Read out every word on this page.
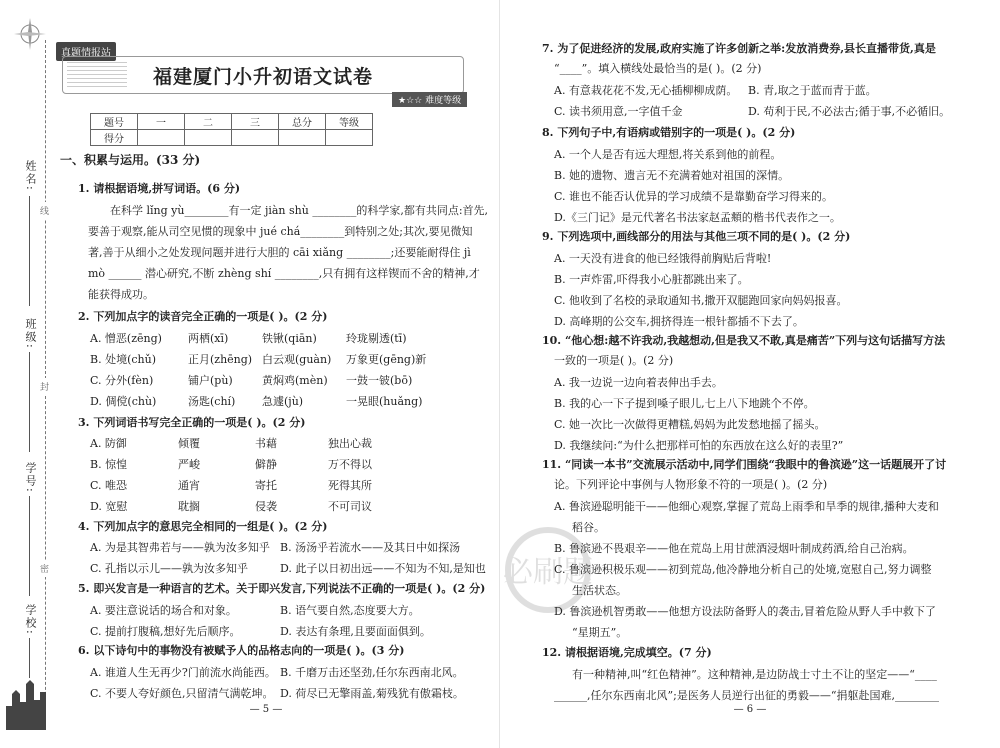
线
封
密
姓名:
班级:
学号:
学校:
真题情报站
福建厦门小升初语文试卷
★☆☆ 难度等级
题号	一	二	三	总分	等级
得分					
一、积累与运用。(33 分)
1. 请根据语境,拼写词语。(6 分)
在科学 lǐng yù________有一定 jiàn shù ________的科学家,都有共同点:首先,
要善于观察,能从司空见惯的现象中 jué chá________到特别之处;其次,要见微知
著,善于从细小之处发现问题并进行大胆的 cāi xiǎng ________;还要能耐得住 jì
mò ______ 潜心研究,不断 zhèng shí ________,只有拥有这样锲而不舍的精神,才
能获得成功。
2. 下列加点字的读音完全正确的一项是( )。(2 分)
A. 憎恶(zēng) 两栖(xī)	铁锹(qiān)	玲珑剔透(tī)
B. 处境(chǔ)	正月(zhēng) 白云观(guàn) 万象更(gēng)新
C. 分外(fèn)	铺户(pù)	黄焖鸡(mèn) 一鼓一铍(bō)
D. 倜傥(chù)	汤匙(chí) 急遽(jù)	一晃眼(huǎng)
3. 下列词语书写完全正确的一项是( )。(2 分)
A. 防御	倾覆	书藉	独出心裁
B. 惊惶	严峻	僻静	万不得以
C. 唯恐	通宵	寄托	死得其所
D. 宽慰	耽搁	侵袭	不可司议
4. 下列加点字的意思完全相同的一组是( )。(2 分)
A. 为是其智弗若与——孰为汝多知乎 B. 汤汤乎若流水——及其日中如探汤
C. 孔指以示儿——孰为汝多知乎	D. 此子以日初出远——不知为不知,是知也
5. 即兴发言是一种语言的艺术。关于即兴发言,下列说法不正确的一项是( )。(2 分)
A. 要注意说话的场合和对象。	B. 语气要自然,态度要大方。
C. 提前打腹稿,想好先后顺序。	D. 表达有条理,且要面面俱到。
6. 以下诗句中的事物没有被赋予人的品格志向的一项是( )。(3 分)
A. 谁道人生无再少?门前流水尚能西。 B. 千磨万击还坚劲,任尔东西南北风。
C. 不要人夸好颜色,只留清气满乾坤。 D. 荷尽已无擎雨盖,菊残犹有傲霜枝。
— 5 —
7. 为了促进经济的发展,政府实施了许多创新之举:发放消费券,县长直播带货,真是
“____”。填入横线处最恰当的是( )。(2 分)
A. 有意栽花花不发,无心插柳柳成荫。 B. 青,取之于蓝而青于蓝。
C. 读书须用意,一字值千金	D. 苟利于民,不必法古;循于事,不必循旧。
8. 下列句子中,有语病或错别字的一项是( )。(2 分)
A. 一个人是否有远大理想,将关系到他的前程。
B. 她的遗物、遗言无不充满着她对祖国的深情。
C. 谁也不能否认优异的学习成绩不是靠勤奋学习得来的。
D.《三门记》是元代著名书法家赵孟頫的楷书代表作之一。
9. 下列选项中,画线部分的用法与其他三项不同的是( )。(2 分)
A. 一天没有进食的他已经饿得前胸贴后背啦!
B. 一声炸雷,吓得我小心脏都跳出来了。
C. 他收到了名校的录取通知书,撒开双腿跑回家向妈妈报喜。
D. 高峰期的公交车,拥挤得连一根针都插不下去了。
10. “他心想:越不许我动,我越想动,但是我又不敢,真是痛苦”下列与这句话描写方法
一致的一项是( )。(2 分)
A. 我一边说一边向着表伸出手去。
B. 我的心一下子提到嗓子眼儿,七上八下地跳个不停。
C. 她一次比一次做得更糟糕,妈妈为此发愁地摇了摇头。
D. 我继续问:“为什么把那样可怕的东西放在这么好的表里?”
11. “同读一本书”交流展示活动中,同学们围绕“我眼中的鲁滨逊”这一话题展开了讨
论。下列评论中事例与人物形象不符的一项是( )。(2 分)
A. 鲁滨逊聪明能干——他细心观察,掌握了荒岛上雨季和旱季的规律,播种大麦和
稻谷。
B. 鲁滨逊不畏艰辛——他在荒岛上用甘蔗酒浸烟叶制成药酒,给自己治病。
C. 鲁滨逊积极乐观——初到荒岛,他冷静地分析自己的处境,宽慰自己,努力调整
生活状态。
D. 鲁滨逊机智勇敢——他想方设法防备野人的袭击,冒着危险从野人手中救下了
“星期五”。
12. 请根据语境,完成填空。(7 分)
有一种精神,叫“红色精神”。这种精神,是边防战士寸土不让的坚定——“____
______,任尔东西南北风”;是医务人员逆行出征的勇毅——“捐躯赴国难,________
— 6 —
必刷题
